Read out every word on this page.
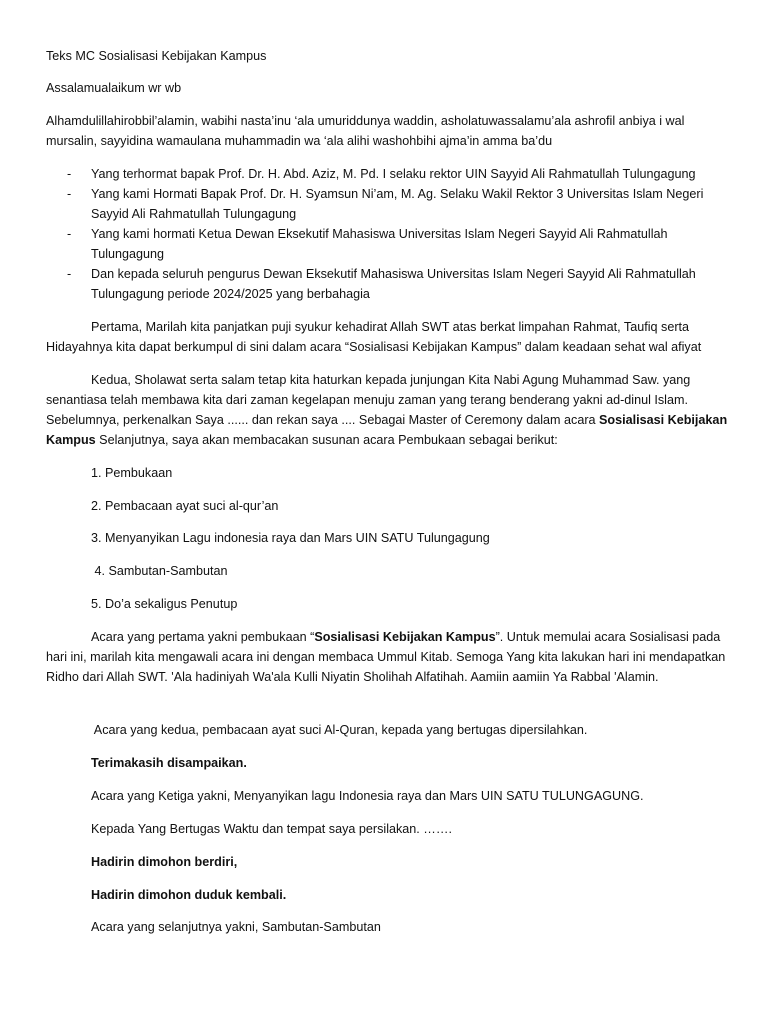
Teks MC Sosialisasi Kebijakan Kampus

Assalamualaikum wr wb

Alhamdulillahirobbil’alamin, wabihi nasta’inu ‘ala umuriddunya waddin, asholatuwassalamu’ala ashrofil anbiya i wal mursalin, sayyidina wamaulana muhammadin wa ‘ala alihi washohbihi ajma’in amma ba’du

- Yang terhormat bapak Prof. Dr. H. Abd. Aziz, M. Pd. I selaku rektor UIN Sayyid Ali Rahmatullah Tulungagung
- Yang kami Hormati Bapak Prof. Dr. H. Syamsun Ni’am, M. Ag. Selaku Wakil Rektor 3 Universitas Islam Negeri Sayyid Ali Rahmatullah Tulungagung
- Yang kami hormati Ketua Dewan Eksekutif Mahasiswa Universitas Islam Negeri Sayyid Ali Rahmatullah Tulungagung
- Dan kepada seluruh pengurus Dewan Eksekutif Mahasiswa Universitas Islam Negeri Sayyid Ali Rahmatullah Tulungagung periode 2024/2025 yang berbahagia

Pertama, Marilah kita panjatkan puji syukur kehadirat Allah SWT atas berkat limpahan Rahmat, Taufiq serta Hidayahnya kita dapat berkumpul di sini dalam acara “Sosialisasi Kebijakan Kampus” dalam keadaan sehat wal afiyat

Kedua, Sholawat serta salam tetap kita haturkan kepada junjungan Kita Nabi Agung Muhammad Saw. yang senantiasa telah membawa kita dari zaman kegelapan menuju zaman yang terang benderang yakni ad-dinul Islam. Sebelumnya, perkenalkan Saya ...... dan rekan saya .... Sebagai Master of Ceremony dalam acara Sosialisasi Kebijakan Kampus Selanjutnya, saya akan membacakan susunan acara Pembukaan sebagai berikut:

1. Pembukaan

2. Pembacaan ayat suci al-qur’an

3. Menyanyikan Lagu indonesia raya dan Mars UIN SATU Tulungagung

4. Sambutan-Sambutan

5. Do’a sekaligus Penutup

Acara yang pertama yakni pembukaan “Sosialisasi Kebijakan Kampus”. Untuk memulai acara Sosialisasi pada hari ini, marilah kita mengawali acara ini dengan membaca Ummul Kitab. Semoga Yang kita lakukan hari ini mendapatkan Ridho dari Allah SWT. 'Ala hadiniyah Wa'ala Kulli Niyatin Sholihah Alfatihah. Aamiin aamiin Ya Rabbal 'Alamin.

Acara yang kedua, pembacaan ayat suci Al-Quran, kepada yang bertugas dipersilahkan.

Terimakasih disampaikan.

Acara yang Ketiga yakni, Menyanyikan lagu Indonesia raya dan Mars UIN SATU TULUNGAGUNG.

Kepada Yang Bertugas Waktu dan tempat saya persilakan. …….

Hadirin dimohon berdiri,

Hadirin dimohon duduk kembali.

Acara yang selanjutnya yakni, Sambutan-Sambutan
